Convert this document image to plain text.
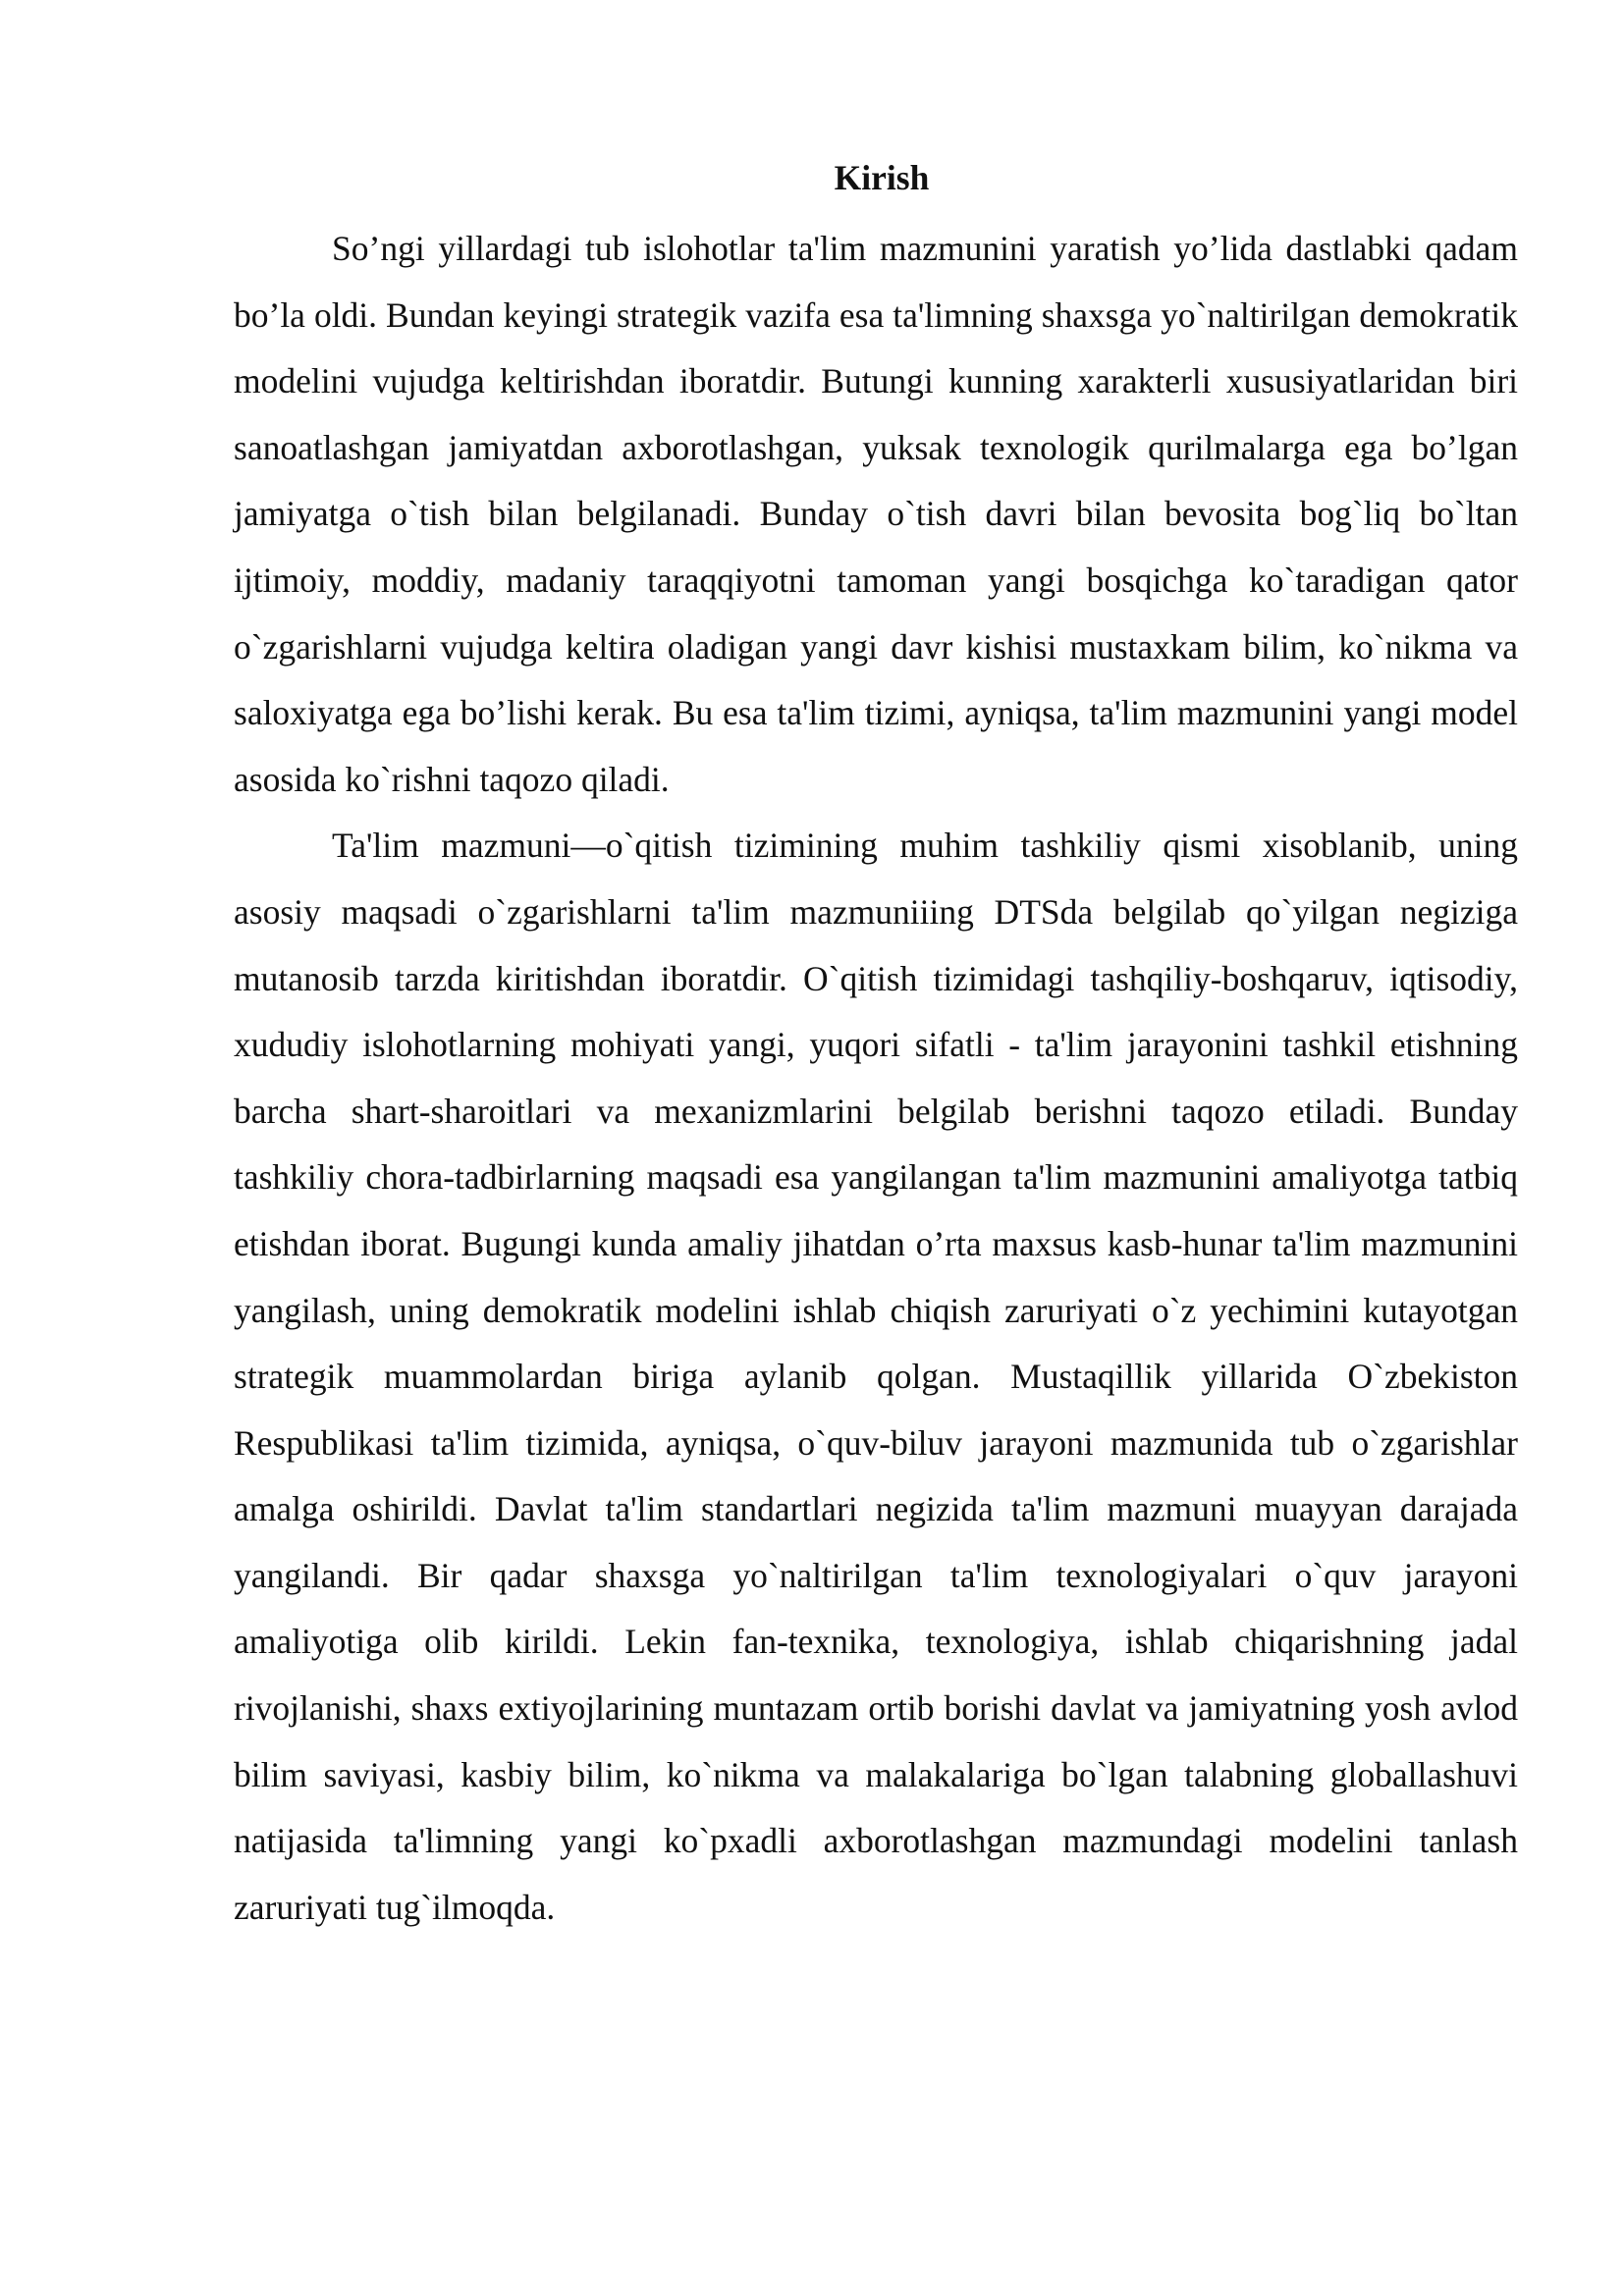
Kirish

So’ngi yillardagi tub islohotlar ta'lim mazmunini yaratish yo’lida dastlabki qadam bo’la oldi. Bundan keyingi strategik vazifa esa ta'limning shaxsga yo`naltirilgan demokratik modelini vujudga keltirishdan iboratdir. Butungi kunning xarakterli xususiyatlaridan biri sanoatlashgan jamiyatdan axborotlashgan, yuksak texnologik qurilmalarga ega bo’lgan jamiyatga o`tish bilan belgilanadi. Bunday o`tish davri bilan bevosita bog`liq bo`ltan ijtimoiy, moddiy, madaniy taraqqiyotni tamoman yangi bosqichga ko`taradigan qator o`zgarishlarni vujudga keltira oladigan yangi davr kishisi mustaxkam bilim, ko`nikma va saloxiyatga ega bo’lishi kerak. Bu esa ta'lim tizimi, ayniqsa, ta'lim mazmunini yangi model asosida ko`rishni taqozo qiladi.

Ta'lim mazmuni—o`qitish tizimining muhim tashkiliy qismi xisoblanib, uning asosiy maqsadi o`zgarishlarni ta'lim mazmuniiing DTSda belgilab qo`yilgan negiziga mutanosib tarzda kiritishdan iboratdir. O`qitish tizimidagi tashqiliy-boshqaruv, iqtisodiy, xududiy islohotlarning mohiyati yangi, yuqori sifatli - ta'lim jarayonini tashkil etishning barcha shart-sharoitlari va mexanizmlarini belgilab berishni taqozo etiladi. Bunday tashkiliy chora-tadbirlarning maqsadi esa yangilangan ta'lim mazmunini amaliyotga tatbiq etishdan iborat. Bugungi kunda amaliy jihatdan o’rta maxsus kasb-hunar ta'lim mazmunini yangilash, uning demokratik modelini ishlab chiqish zaruriyati o`z yechimini kutayotgan strategik muammolardan biriga aylanib qolgan. Mustaqillik yillarida O`zbekiston Respublikasi ta'lim tizimida, ayniqsa, o`quv-biluv jarayoni mazmunida tub o`zgarishlar amalga oshirildi. Davlat ta'lim standartlari negizida ta'lim mazmuni muayyan darajada yangilandi. Bir qadar shaxsga yo`naltirilgan ta'lim texnologiyalari o`quv jarayoni amaliyotiga olib kirildi. Lekin fan-texnika, texnologiya, ishlab chiqarishning jadal rivojlanishi, shaxs extiyojlarining muntazam ortib borishi davlat va jamiyatning yosh avlod bilim saviyasi, kasbiy bilim, ko`nikma va malakalariga bo`lgan talabning globallashuvi natijasida ta'limning yangi ko`pxadli axborotlashgan mazmundagi modelini tanlash zaruriyati tug`ilmoqda.
